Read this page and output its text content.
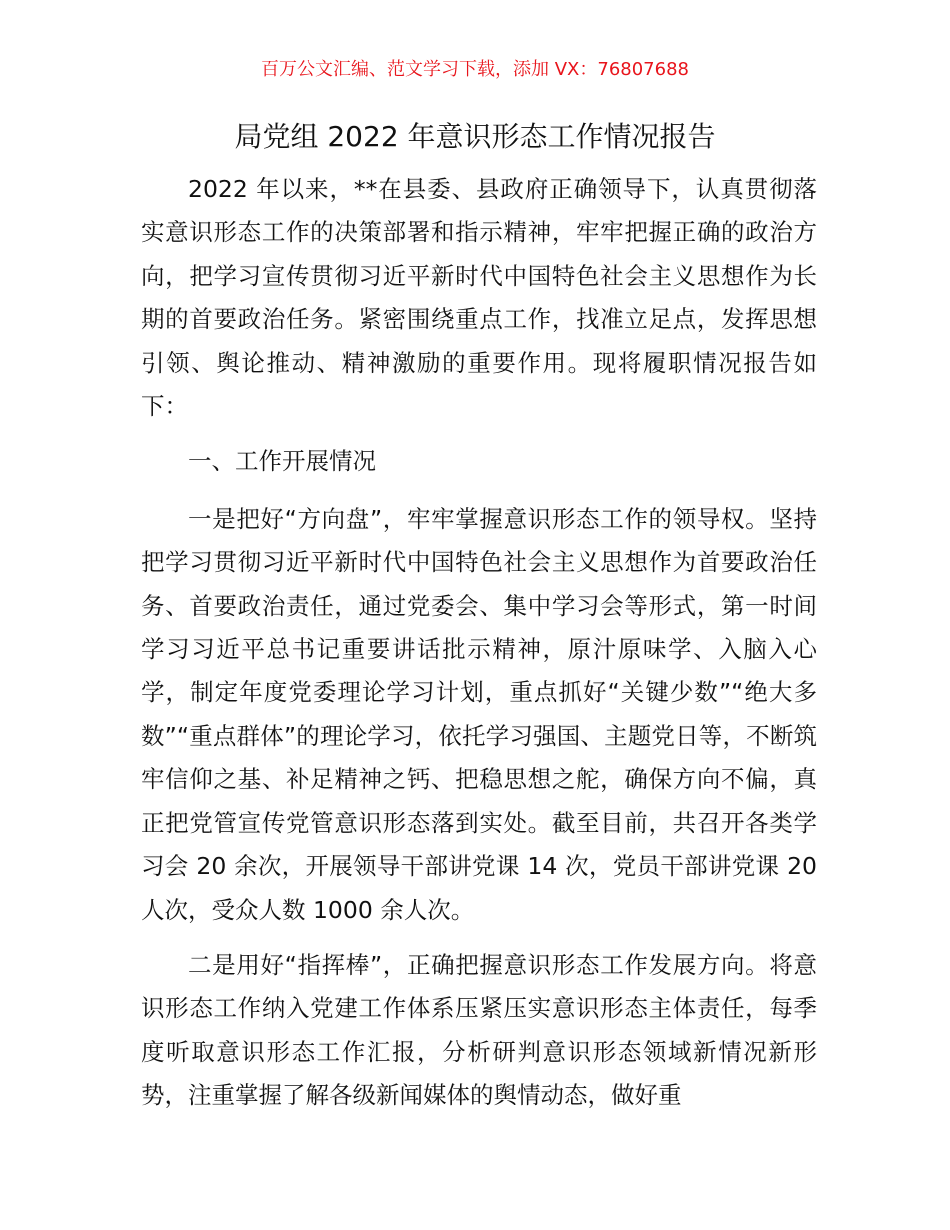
百万公文汇编、范文学习下载，添加 VX：76807688
局党组 2022 年意识形态工作情况报告

2022 年以来，**在县委、县政府正确领导下，认真贯彻落实意识形态工作的决策部署和指示精神，牢牢把握正确的政治方向，把学习宣传贯彻习近平新时代中国特色社会主义思想作为长期的首要政治任务。紧密围绕重点工作，找准立足点，发挥思想引领、舆论推动、精神激励的重要作用。现将履职情况报告如下：

一、工作开展情况

一是把好“方向盘”，牢牢掌握意识形态工作的领导权。坚持把学习贯彻习近平新时代中国特色社会主义思想作为首要政治任务、首要政治责任，通过党委会、集中学习会等形式，第一时间学习习近平总书记重要讲话批示精神，原汁原味学、入脑入心学，制定年度党委理论学习计划，重点抓好“关键少数”“绝大多数”“重点群体”的理论学习，依托学习强国、主题党日等，不断筑牢信仰之基、补足精神之钙、把稳思想之舵，确保方向不偏，真正把党管宣传党管意识形态落到实处。截至目前，共召开各类学习会 20 余次，开展领导干部讲党课 14 次，党员干部讲党课 20 人次，受众人数 1000 余人次。

二是用好“指挥棒”，正确把握意识形态工作发展方向。将意识形态工作纳入党建工作体系压紧压实意识形态主体责任，每季度听取意识形态工作汇报，分析研判意识形态领域新情况新形势，注重掌握了解各级新闻媒体的舆情动态，做好重
